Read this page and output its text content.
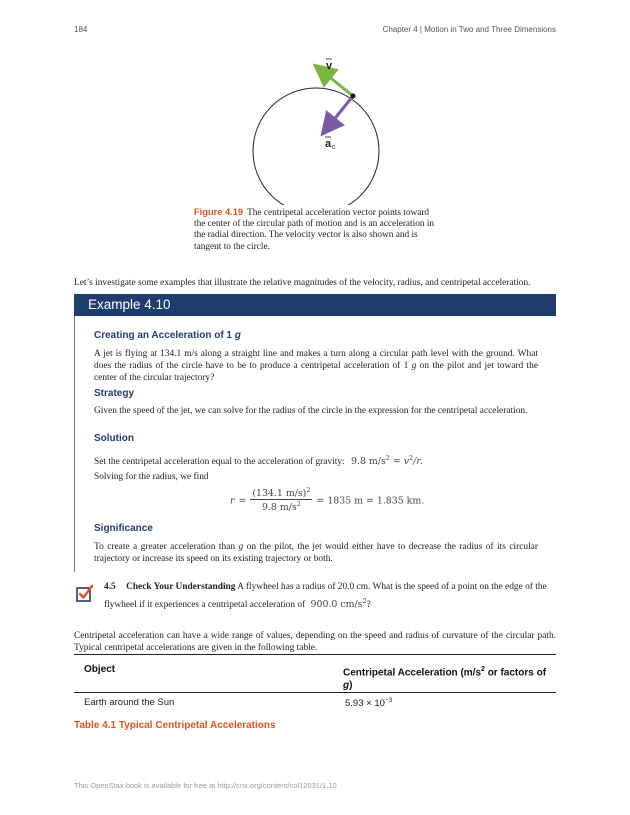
184	Chapter 4 | Motion in Two and Three Dimensions
v
a c
Figure 4.19 The centripetal acceleration vector points toward the center of the circular path of motion and is an acceleration in the radial direction. The velocity vector is also shown and is tangent to the circle.
Let’s investigate some examples that illustrate the relative magnitudes of the velocity, radius, and centripetal acceleration.
Example 4.10
Creating an Acceleration of 1 g
A jet is flying at 134.1 m/s along a straight line and makes a turn along a circular path level with the ground. What does the radius of the circle have to be to produce a centripetal acceleration of 1 g on the pilot and jet toward the center of the circular trajectory?
Strategy
Given the speed of the jet, we can solve for the radius of the circle in the expression for the centripetal acceleration.
Solution
Set the centripetal acceleration equal to the acceleration of gravity: 9.8 $m/s^2 = v^2/r$.
Solving for the radius, we find
$r = \frac{(134.1 m/s)^2}{9.8 m/s^2} = 1835$ m = 1.835 km.
Significance
To create a greater acceleration than g on the pilot, the jet would either have to decrease the radius of its circular trajectory or increase its speed on its existing trajectory or both.
4.5 Check Your Understanding A flywheel has a radius of 20.0 cm. What is the speed of a point on the edge of the flywheel if it experiences a centripetal acceleration of 900.0 $cm/s^2$?
Centripetal acceleration can have a wide range of values, depending on the speed and radius of curvature of the circular path. Typical centripetal accelerations are given in the following table.
Object	Centripetal Acceleration ($m/s^2$ or factors of g)
Earth around the Sun	$5.93 \times 10^{-3}$
Table 4.1 Typical Centripetal Accelerations
This OpenStax book is available for free at http://cnx.org/content/col12031/1.10
